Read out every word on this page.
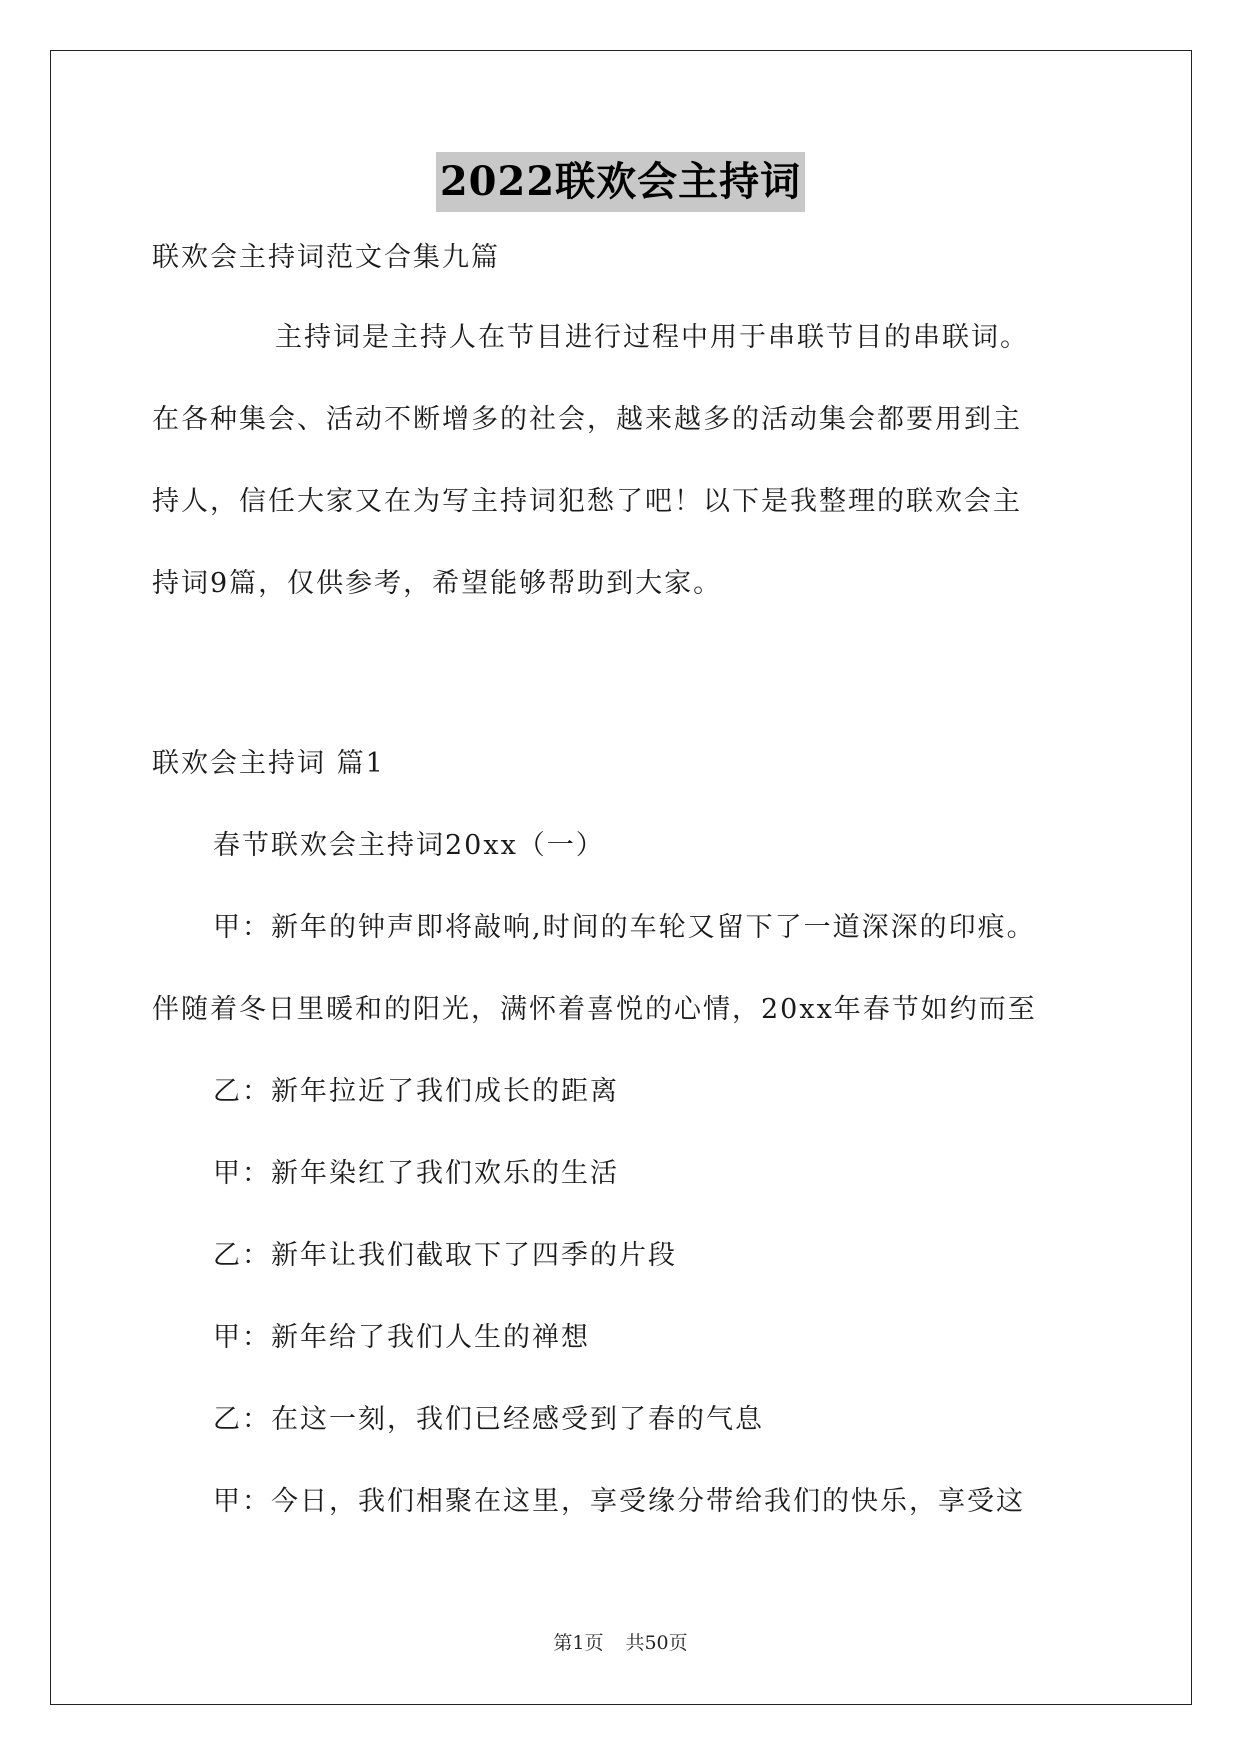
2022联欢会主持词
联欢会主持词范文合集九篇
主持词是主持人在节目进行过程中用于串联节目的串联词。
在各种集会、活动不断增多的社会，越来越多的活动集会都要用到主
持人，信任大家又在为写主持词犯愁了吧！以下是我整理的联欢会主
持词9篇，仅供参考，希望能够帮助到大家。
联欢会主持词 篇1
春节联欢会主持词20xx（一）
甲：新年的钟声即将敲响,时间的车轮又留下了一道深深的印痕。
伴随着冬日里暖和的阳光，满怀着喜悦的心情，20xx年春节如约而至
乙：新年拉近了我们成长的距离
甲：新年染红了我们欢乐的生活
乙：新年让我们截取下了四季的片段
甲：新年给了我们人生的禅想
乙：在这一刻，我们已经感受到了春的气息
甲：今日，我们相聚在这里，享受缘分带给我们的快乐，享受这
第1页 共50页
